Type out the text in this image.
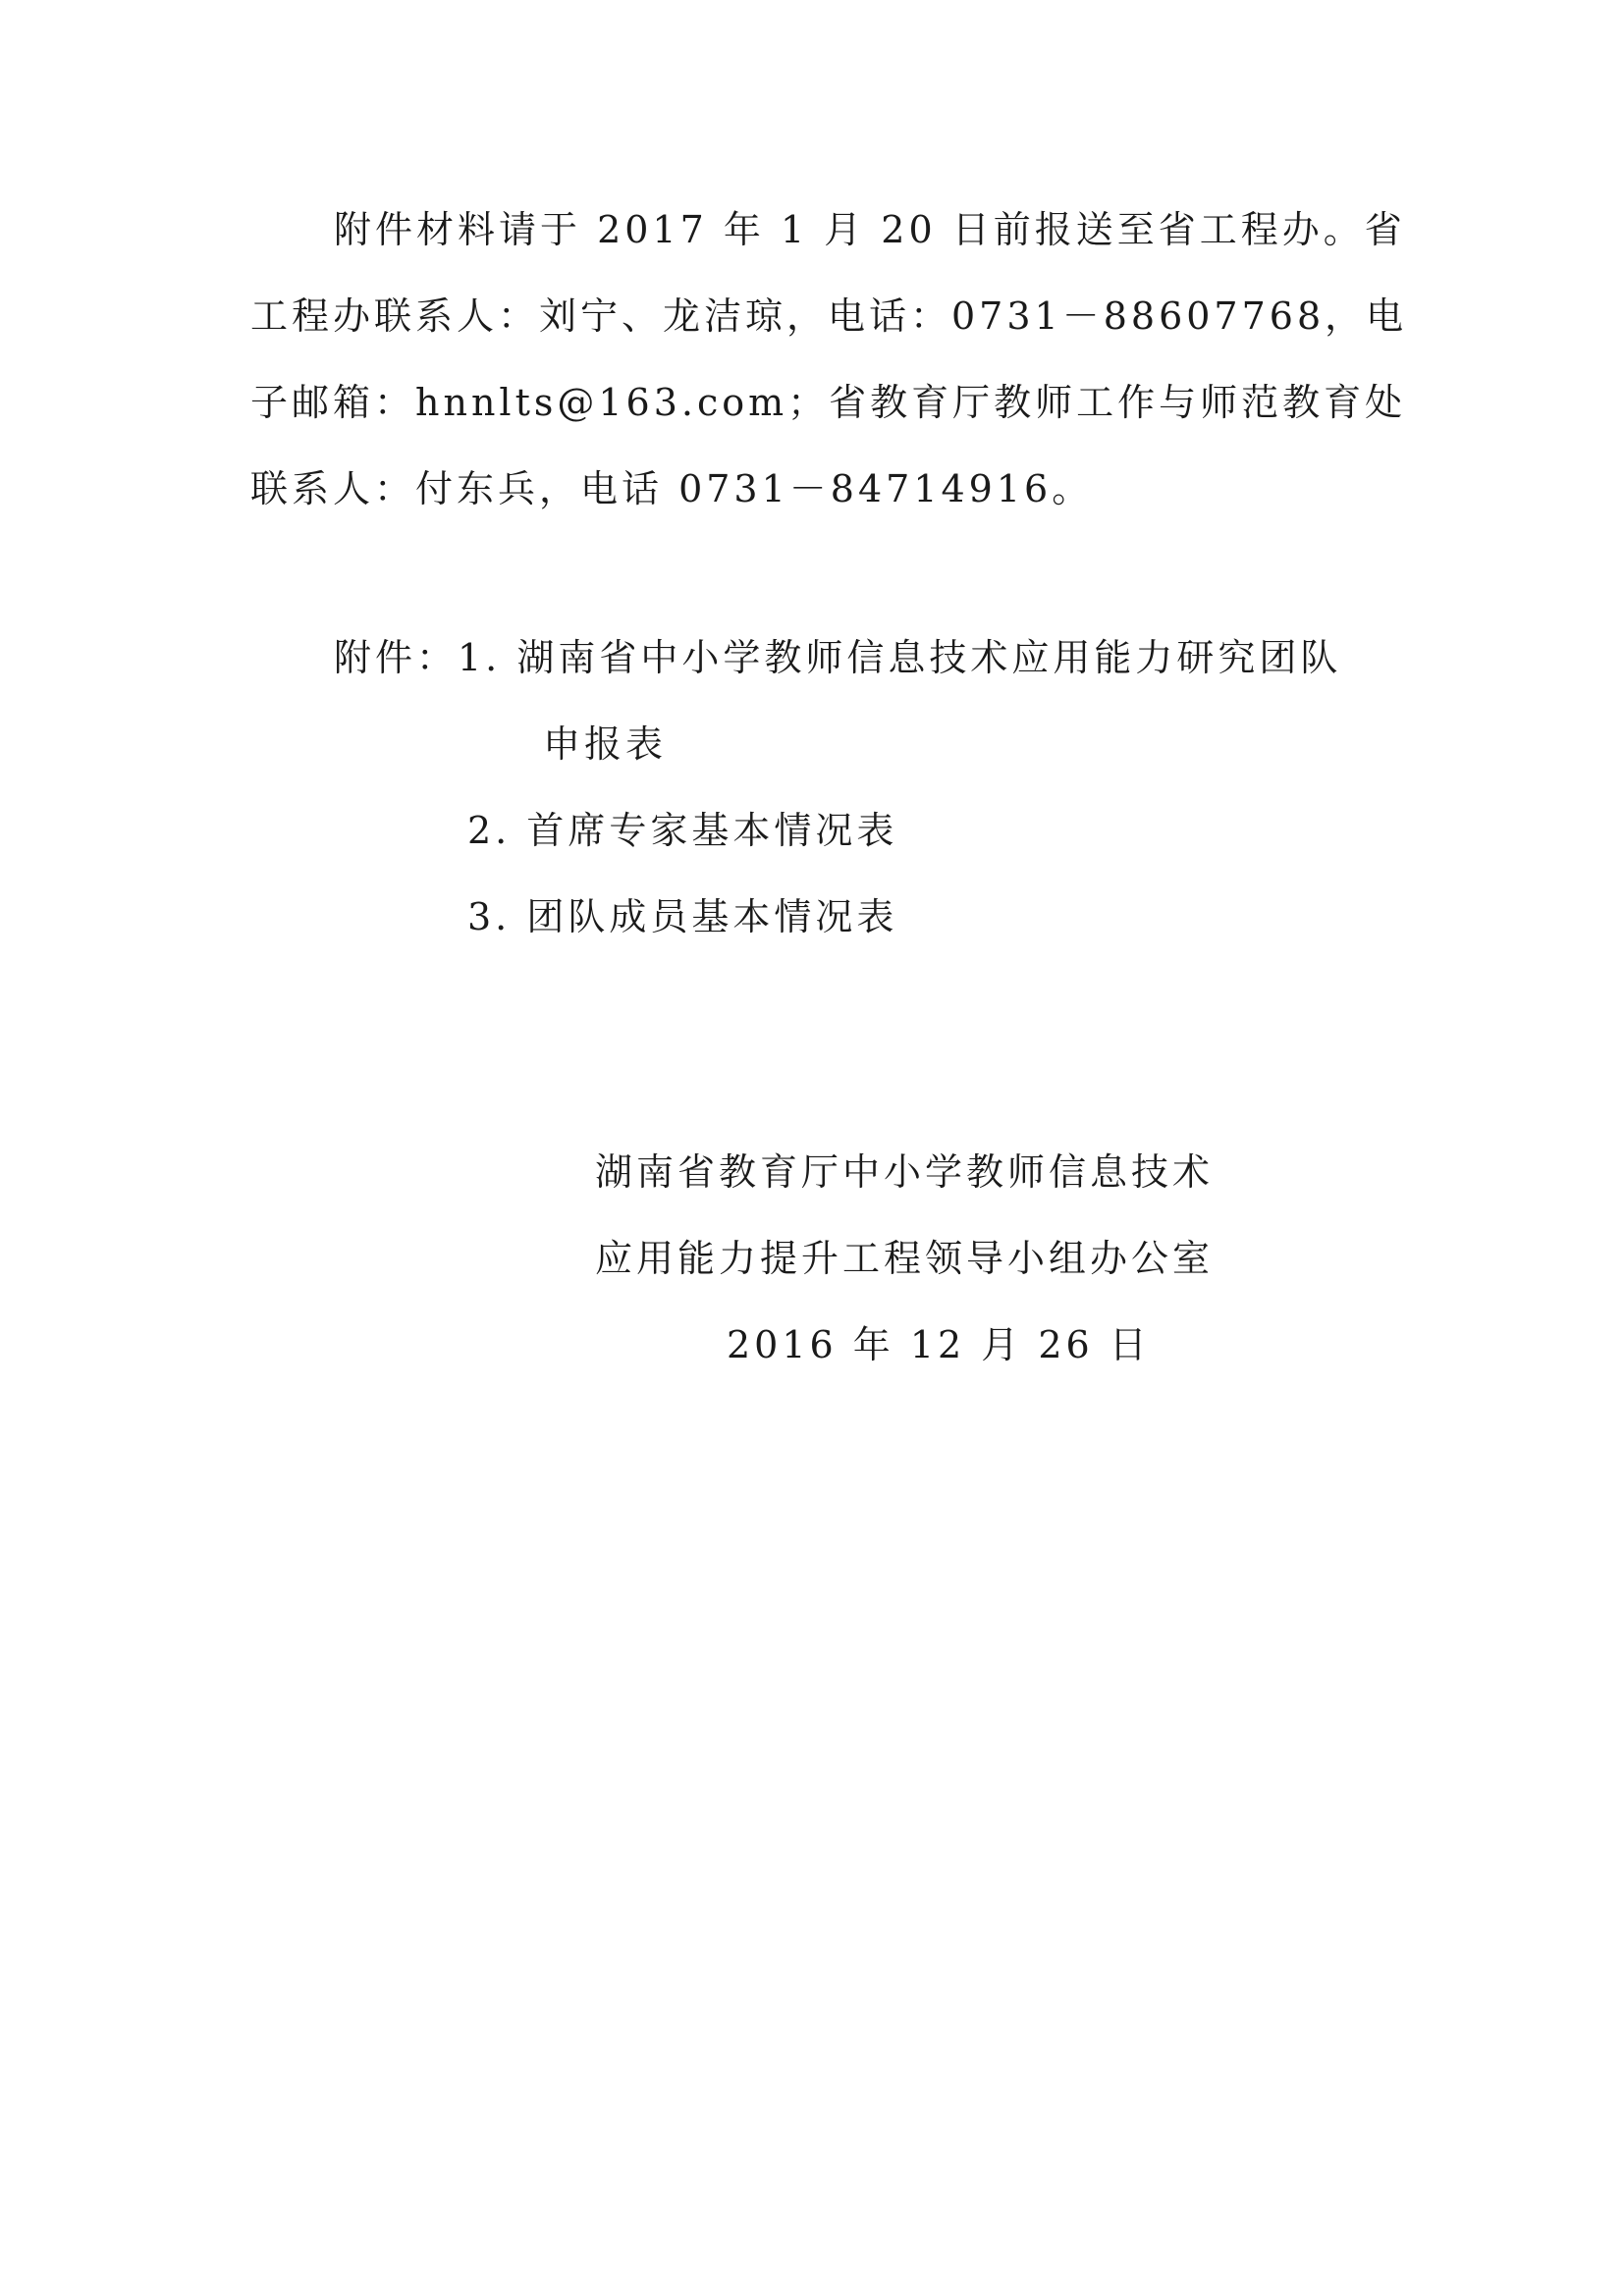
附件材料请于 2017 年 1 月 20 日前报送至省工程办。省
工程办联系人：刘宁、龙洁琼，电话：0731－88607768，电
子邮箱：hnnlts@163.com；省教育厅教师工作与师范教育处
联系人：付东兵，电话 0731－84714916。
附件：1. 湖南省中小学教师信息技术应用能力研究团队
申报表
2. 首席专家基本情况表
3. 团队成员基本情况表
湖南省教育厅中小学教师信息技术
应用能力提升工程领导小组办公室
2016 年 12 月 26 日
